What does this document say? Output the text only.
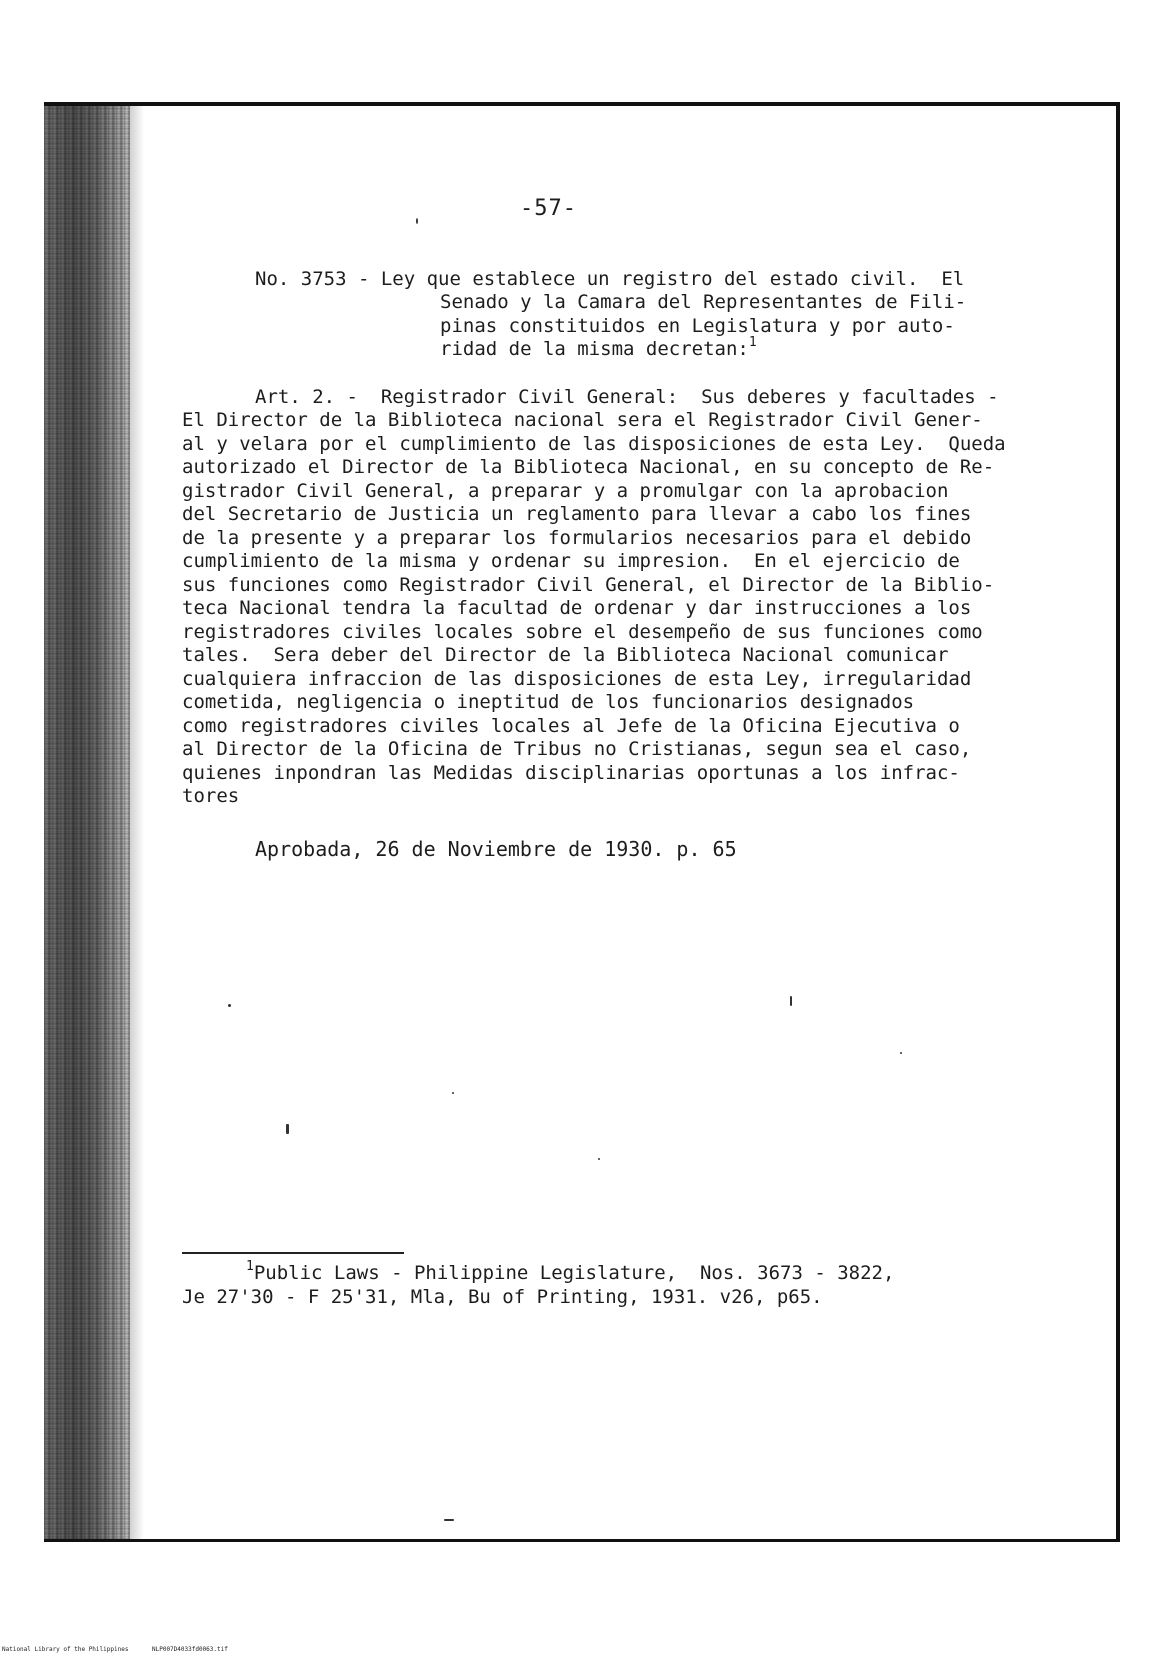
-57-

No. 3753 - Ley que establece un registro del estado civil.  El

Senado y la Camara del Representantes de Fili-

pinas constituidos en Legislatura y por auto-

ridad de la misma decretan:$^1$

Art. 2. -  Registrador Civil General:  Sus deberes y facultades -

El Director de la Biblioteca nacional sera el Registrador Civil Gener-

al y velara por el cumplimiento de las disposiciones de esta Ley.  Queda

autorizado el Director de la Biblioteca Nacional, en su concepto de Re-

gistrador Civil General, a preparar y a promulgar con la aprobacion

del Secretario de Justicia un reglamento para llevar a cabo los fines

de la presente y a preparar los formularios necesarios para el debido

cumplimiento de la misma y ordenar su impresion.  En el ejercicio de

sus funciones como Registrador Civil General, el Director de la Biblio-

teca Nacional tendra la facultad de ordenar y dar instrucciones a los

registradores civiles locales sobre el desempeño de sus funciones como

tales.  Sera deber del Director de la Biblioteca Nacional comunicar

cualquiera infraccion de las disposiciones de esta Ley, irregularidad

cometida, negligencia o ineptitud de los funcionarios designados

como registradores civiles locales al Jefe de la Oficina Ejecutiva o

al Director de la Oficina de Tribus no Cristianas, segun sea el caso,

quienes inpondran las Medidas disciplinarias oportunas a los infrac-

tores

Aprobada, 26 de Noviembre de 1930. p. 65

$^1$Public Laws - Philippine Legislature,  Nos. 3673 - 3822,

Je 27'30 - F 25'31, Mla, Bu of Printing, 1931. v26, p65.

National Library of the Philippines	NLP007D4033fd0063.tif
